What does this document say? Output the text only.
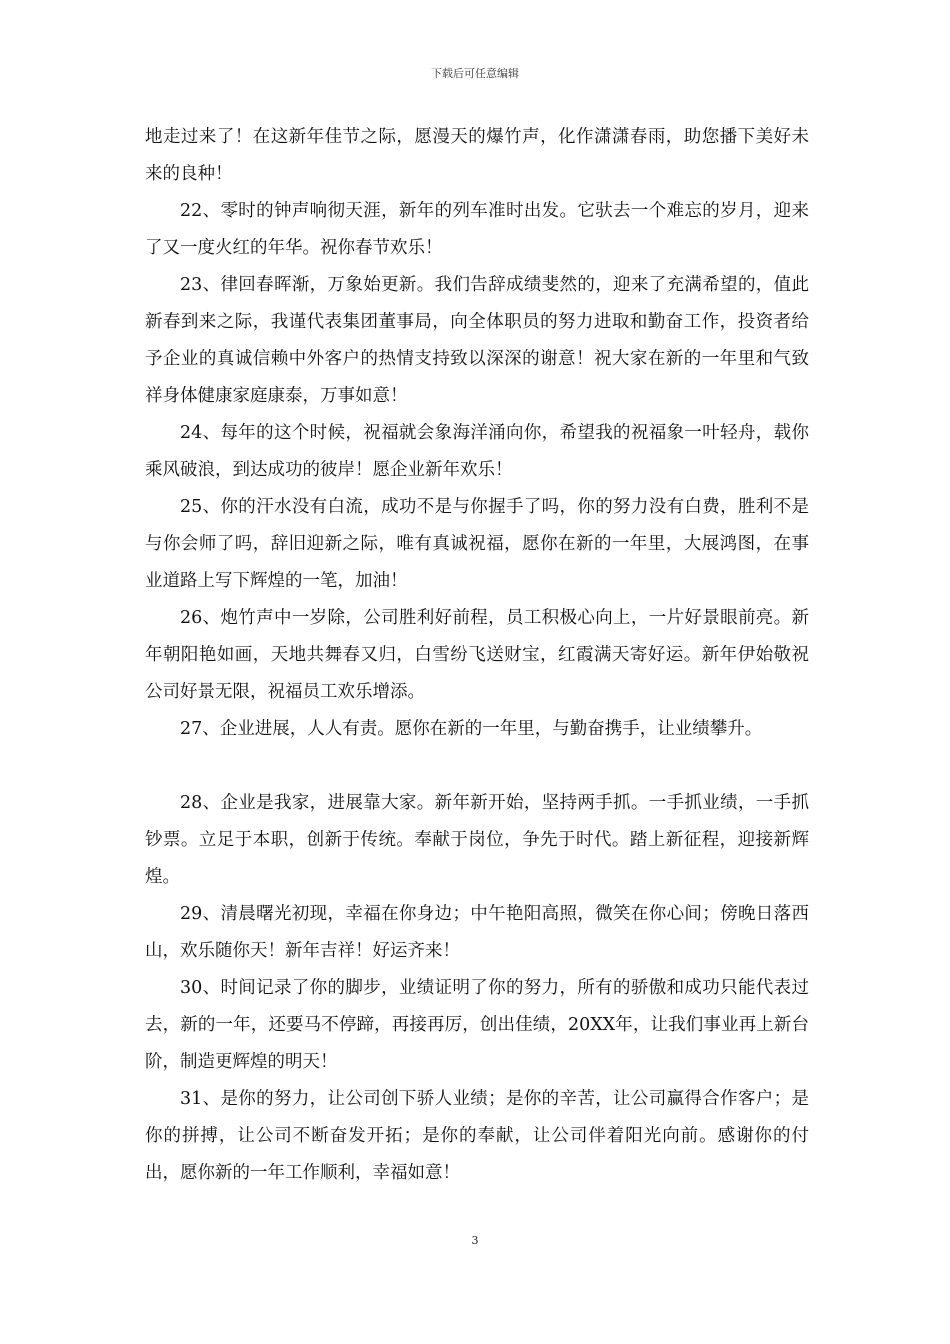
下载后可任意编辑

地走过来了！在这新年佳节之际，愿漫天的爆竹声，化作潇潇春雨，助您播下美好未来的良种！

22、零时的钟声响彻天涯，新年的列车准时出发。它驮去一个难忘的岁月，迎来了又一度火红的年华。祝你春节欢乐！

23、律回春晖渐，万象始更新。我们告辞成绩斐然的，迎来了充满希望的，值此新春到来之际，我谨代表集团董事局，向全体职员的努力进取和勤奋工作，投资者给予企业的真诚信赖中外客户的热情支持致以深深的谢意！祝大家在新的一年里和气致祥身体健康家庭康泰，万事如意！

24、每年的这个时候，祝福就会象海洋涌向你，希望我的祝福象一叶轻舟，载你乘风破浪，到达成功的彼岸！愿企业新年欢乐！

25、你的汗水没有白流，成功不是与你握手了吗，你的努力没有白费，胜利不是与你会师了吗，辞旧迎新之际，唯有真诚祝福，愿你在新的一年里，大展鸿图，在事业道路上写下辉煌的一笔，加油！

26、炮竹声中一岁除，公司胜利好前程，员工积极心向上，一片好景眼前亮。新年朝阳艳如画，天地共舞春又归，白雪纷飞送财宝，红霞满天寄好运。新年伊始敬祝公司好景无限，祝福员工欢乐增添。

27、企业进展，人人有责。愿你在新的一年里，与勤奋携手，让业绩攀升。

28、企业是我家，进展靠大家。新年新开始，坚持两手抓。一手抓业绩，一手抓钞票。立足于本职，创新于传统。奉献于岗位，争先于时代。踏上新征程，迎接新辉煌。

29、清晨曙光初现，幸福在你身边；中午艳阳高照，微笑在你心间；傍晚日落西山，欢乐随你天！新年吉祥！好运齐来！

30、时间记录了你的脚步，业绩证明了你的努力，所有的骄傲和成功只能代表过去，新的一年，还要马不停蹄，再接再厉，创出佳绩，20XX年，让我们事业再上新台阶，制造更辉煌的明天！

31、是你的努力，让公司创下骄人业绩；是你的辛苦，让公司赢得合作客户；是你的拼搏，让公司不断奋发开拓；是你的奉献，让公司伴着阳光向前。感谢你的付出，愿你新的一年工作顺利，幸福如意！

3
